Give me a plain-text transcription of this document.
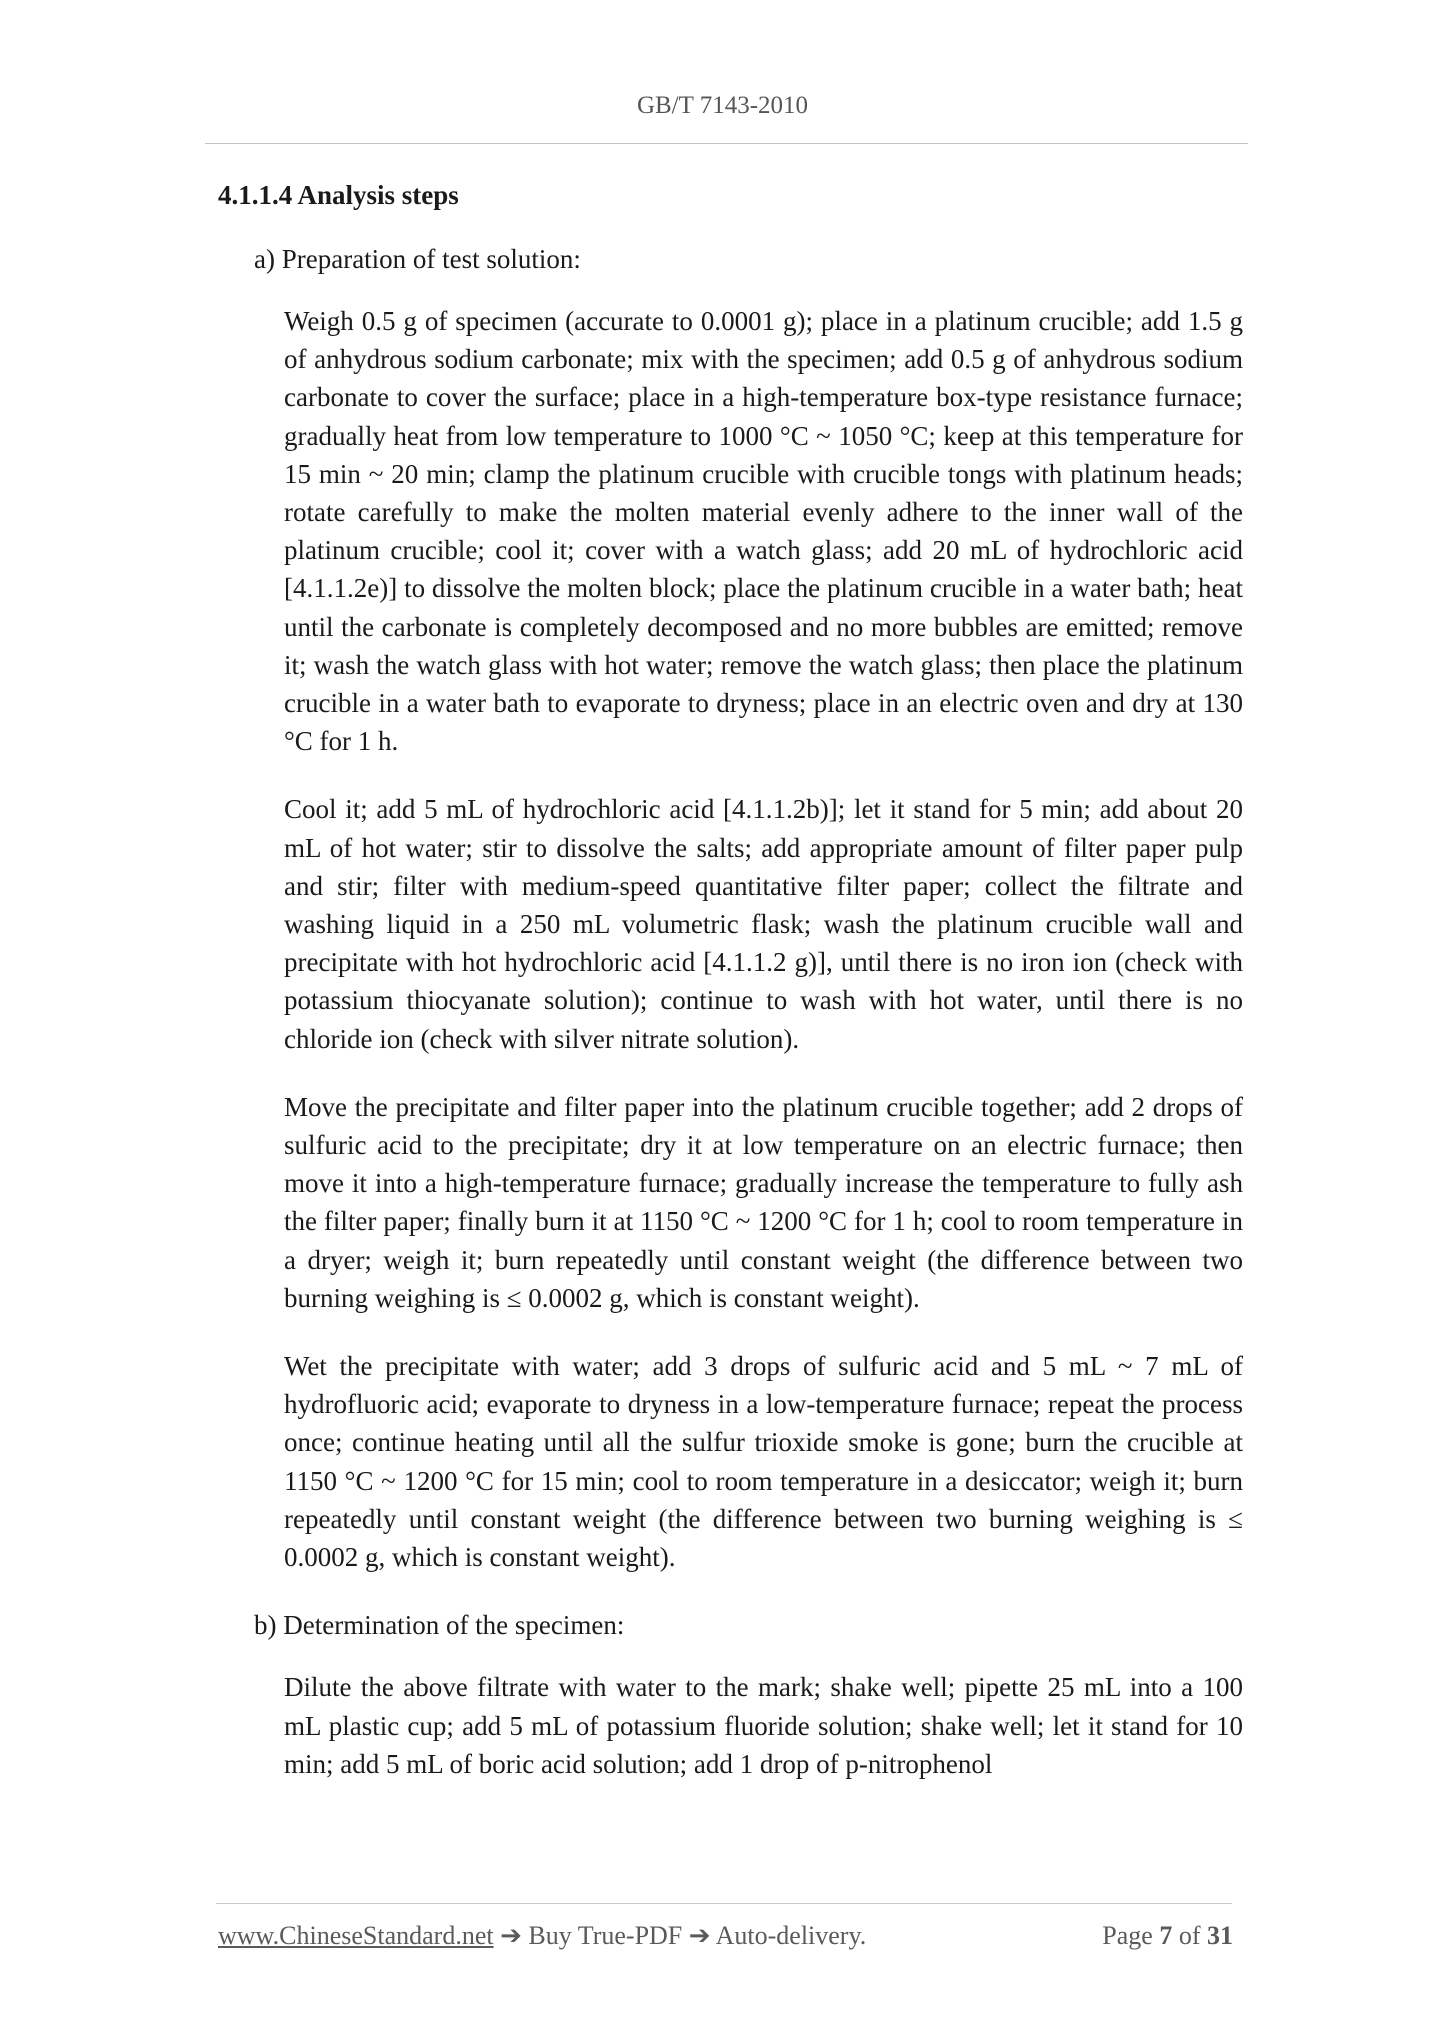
GB/T 7143-2010
4.1.1.4 Analysis steps
a) Preparation of test solution:

Weigh 0.5 g of specimen (accurate to 0.0001 g); place in a platinum crucible; add 1.5 g of anhydrous sodium carbonate; mix with the specimen; add 0.5 g of anhydrous sodium carbonate to cover the surface; place in a high-temperature box-type resistance furnace; gradually heat from low temperature to 1000 °C ~ 1050 °C; keep at this temperature for 15 min ~ 20 min; clamp the platinum crucible with crucible tongs with platinum heads; rotate carefully to make the molten material evenly adhere to the inner wall of the platinum crucible; cool it; cover with a watch glass; add 20 mL of hydrochloric acid [4.1.1.2e)] to dissolve the molten block; place the platinum crucible in a water bath; heat until the carbonate is completely decomposed and no more bubbles are emitted; remove it; wash the watch glass with hot water; remove the watch glass; then place the platinum crucible in a water bath to evaporate to dryness; place in an electric oven and dry at 130 °C for 1 h.

Cool it; add 5 mL of hydrochloric acid [4.1.1.2b)]; let it stand for 5 min; add about 20 mL of hot water; stir to dissolve the salts; add appropriate amount of filter paper pulp and stir; filter with medium-speed quantitative filter paper; collect the filtrate and washing liquid in a 250 mL volumetric flask; wash the platinum crucible wall and precipitate with hot hydrochloric acid [4.1.1.2 g)], until there is no iron ion (check with potassium thiocyanate solution); continue to wash with hot water, until there is no chloride ion (check with silver nitrate solution).

Move the precipitate and filter paper into the platinum crucible together; add 2 drops of sulfuric acid to the precipitate; dry it at low temperature on an electric furnace; then move it into a high-temperature furnace; gradually increase the temperature to fully ash the filter paper; finally burn it at 1150 °C ~ 1200 °C for 1 h; cool to room temperature in a dryer; weigh it; burn repeatedly until constant weight (the difference between two burning weighing is ≤ 0.0002 g, which is constant weight).

Wet the precipitate with water; add 3 drops of sulfuric acid and 5 mL ~ 7 mL of hydrofluoric acid; evaporate to dryness in a low-temperature furnace; repeat the process once; continue heating until all the sulfur trioxide smoke is gone; burn the crucible at 1150 °C ~ 1200 °C for 15 min; cool to room temperature in a desiccator; weigh it; burn repeatedly until constant weight (the difference between two burning weighing is ≤ 0.0002 g, which is constant weight).

b) Determination of the specimen:

Dilute the above filtrate with water to the mark; shake well; pipette 25 mL into a 100 mL plastic cup; add 5 mL of potassium fluoride solution; shake well; let it stand for 10 min; add 5 mL of boric acid solution; add 1 drop of p-nitrophenol

www.ChineseStandard.net ➔ Buy True-PDF ➔ Auto-delivery.	Page 7 of 31
